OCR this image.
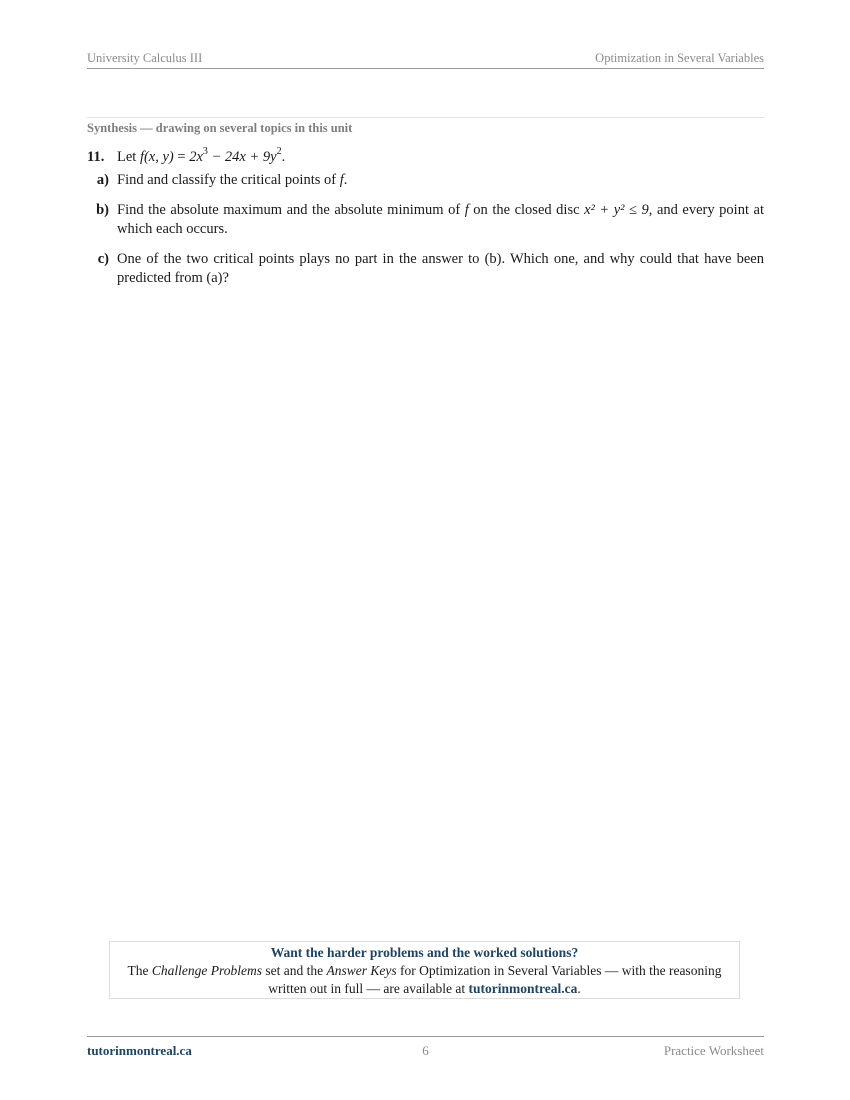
University Calculus III	Optimization in Several Variables
Synthesis — drawing on several topics in this unit
11. Let f(x, $y) = 2x^3 - 24x + 9y^2$.
a) Find and classify the critical points of f.
b) Find the absolute maximum and the absolute minimum of f on the closed disc x² + y² ≤ 9, and every point at which each occurs.
c) One of the two critical points plays no part in the answer to (b). Which one, and why could that have been predicted from (a)?
Want the harder problems and the worked solutions?
The Challenge Problems set and the Answer Keys for Optimization in Several Variables — with the reasoning written out in full — are available at tutorinmontreal.ca.
tutorinmontreal.ca	6	Practice Worksheet
